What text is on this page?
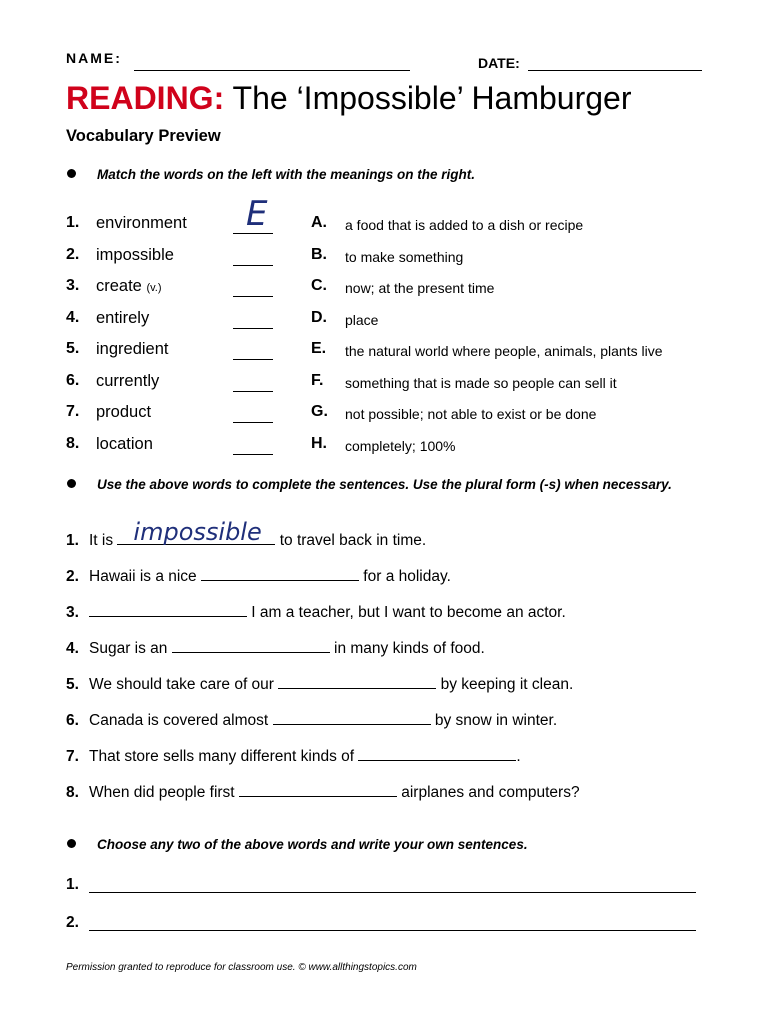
NAME:	DATE:
READING: The ‘Impossible’ Hamburger
Vocabulary Preview
Match the words on the left with the meanings on the right.
1. environment E	A. a food that is added to a dish or recipe
2. impossible	B. to make something
3. create (v.)	C. now; at the present time
4. entirely	D. place
5. ingredient	E. the natural world where people, animals, plants live
6. currently	F. something that is made so people can sell it
7. product	G. not possible; not able to exist or be done
8. location	H. completely; 100%
Use the above words to complete the sentences. Use the plural form (-s) when necessary.
1. It is impossible to travel back in time.
2. Hawaii is a nice	for a holiday.
3.	I am a teacher, but I want to become an actor.
4. Sugar is an	in many kinds of food.
5. We should take care of our	by keeping it clean.
6. Canada is covered almost	by snow in winter.
7. That store sells many different kinds of	.
8. When did people first	airplanes and computers?
Choose any two of the above words and write your own sentences.
1.
2.
Permission granted to reproduce for classroom use. © www.allthingstopics.com
